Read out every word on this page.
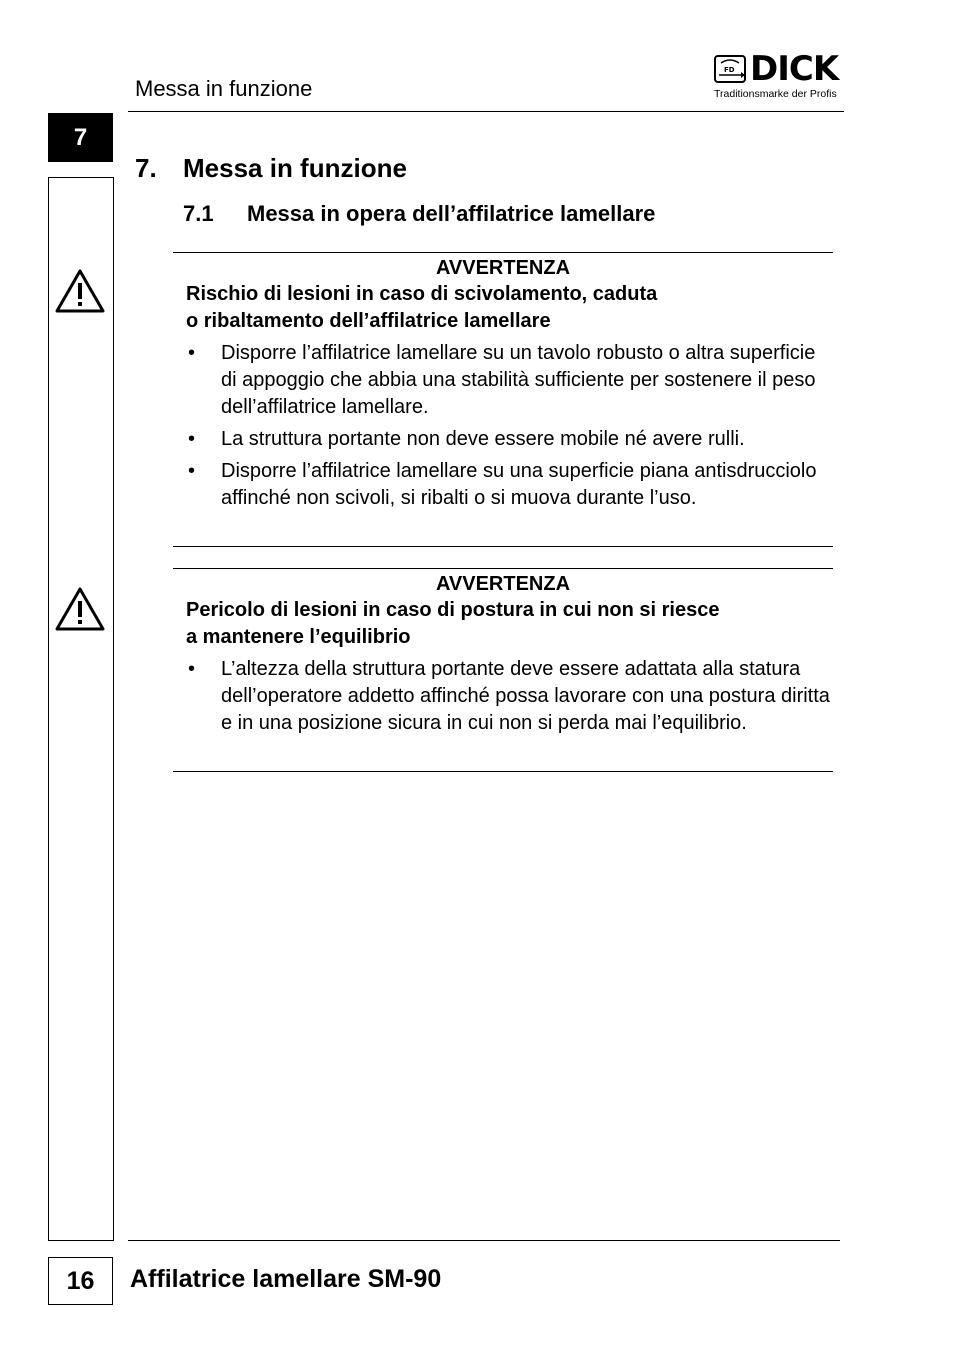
Messa in funzione
FD DICK
Traditionsmarke der Profis
7
7. Messa in funzione
7.1 Messa in opera dell’affilatrice lamellare
AVVERTENZA
Rischio di lesioni in caso di scivolamento, caduta
o ribaltamento dell’affilatrice lamellare
• Disporre l’affilatrice lamellare su un tavolo robusto o altra superficie di appoggio che abbia una stabilità sufficiente per sostenere il peso dell’affilatrice lamellare.
• La struttura portante non deve essere mobile né avere rulli.
• Disporre l’affilatrice lamellare su una superficie piana antisdrucciolo affinché non scivoli, si ribalti o si muova durante l’uso.
AVVERTENZA
Pericolo di lesioni in caso di postura in cui non si riesce
a mantenere l’equilibrio
• L’altezza della struttura portante deve essere adattata alla statura dell’operatore addetto affinché possa lavorare con una postura diritta e in una posizione sicura in cui non si perda mai l’equilibrio.
16	Affilatrice lamellare SM-90
